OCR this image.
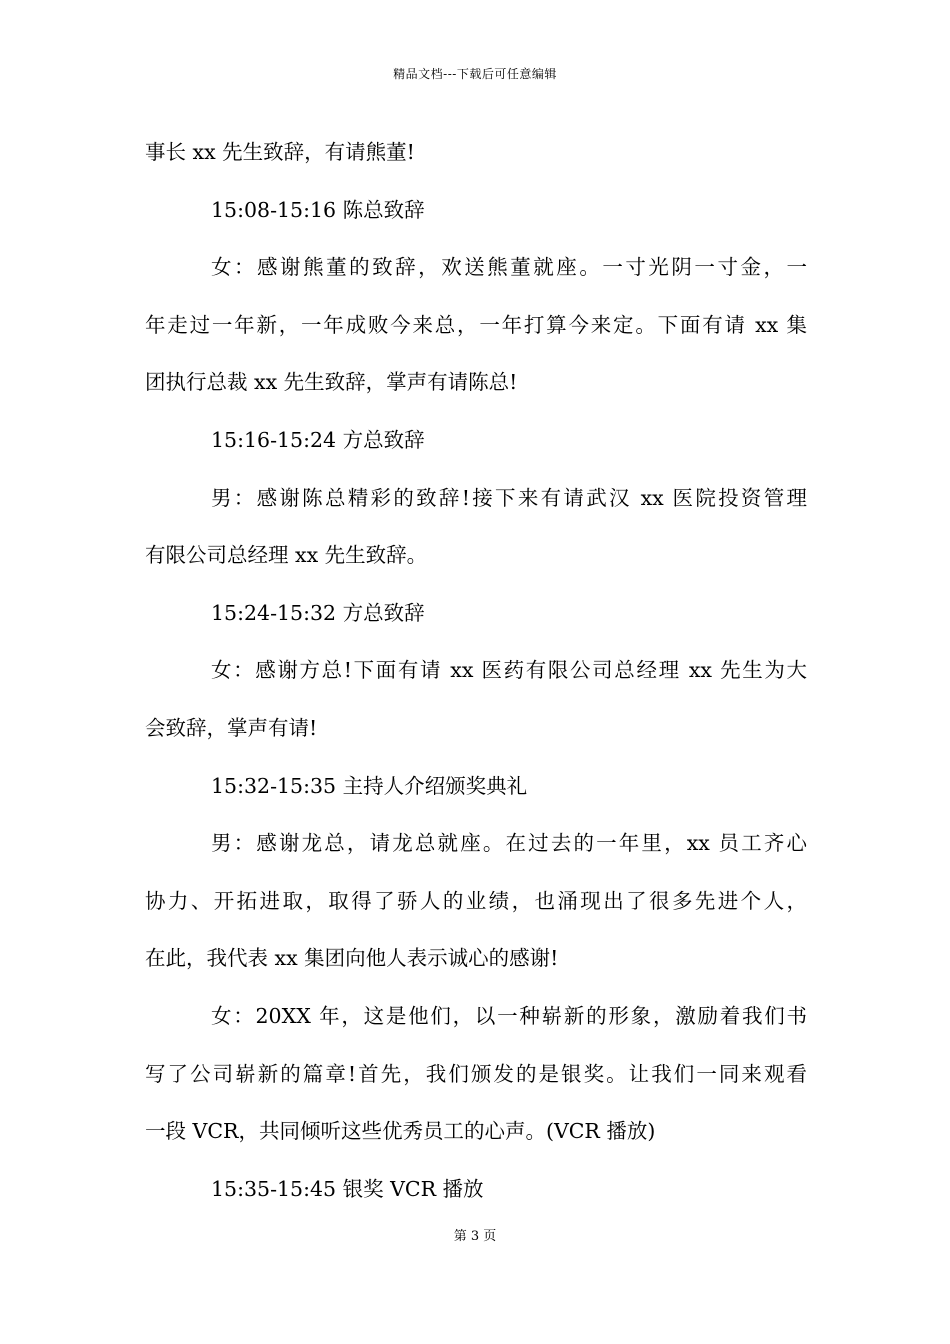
精品文档---下载后可任意编辑
事长 xx 先生致辞，有请熊董!
15:08-15:16 陈总致辞
女：感谢熊董的致辞，欢送熊董就座。一寸光阴一寸金，一
年走过一年新，一年成败今来总，一年打算今来定。下面有请 xx 集
团执行总裁 xx 先生致辞，掌声有请陈总!
15:16-15:24 方总致辞
男：感谢陈总精彩的致辞!接下来有请武汉 xx 医院投资管理
有限公司总经理 xx 先生致辞。
15:24-15:32 方总致辞
女：感谢方总!下面有请 xx 医药有限公司总经理 xx 先生为大
会致辞，掌声有请!
15:32-15:35 主持人介绍颁奖典礼
男：感谢龙总，请龙总就座。在过去的一年里，xx 员工齐心
协力、开拓进取，取得了骄人的业绩，也涌现出了很多先进个人，
在此，我代表 xx 集团向他人表示诚心的感谢!
女：20XX 年，这是他们，以一种崭新的形象，激励着我们书
写了公司崭新的篇章!首先，我们颁发的是银奖。让我们一同来观看
一段 VCR，共同倾听这些优秀员工的心声。(VCR 播放)
15:35-15:45 银奖 VCR 播放
第 3 页
